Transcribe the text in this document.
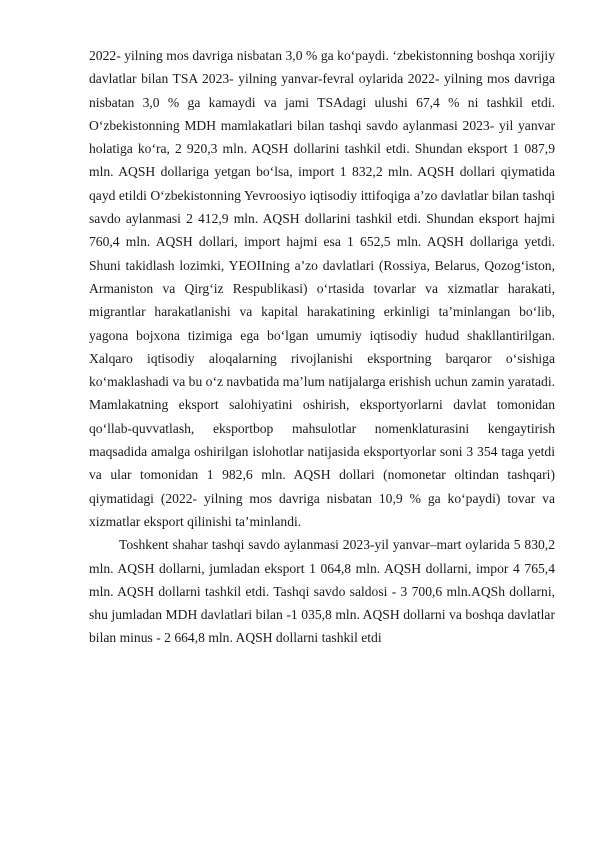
2022- yilning mos davriga nisbatan 3,0 % ga ko‘paydi. ‘zbekistonning boshqa xorijiy davlatlar bilan TSA 2023- yilning yanvar-fevral oylarida 2022- yilning mos davriga nisbatan 3,0 % ga kamaydi va jami TSAdagi ulushi 67,4 % ni tashkil etdi. O‘zbekistonning MDH mamlakatlari bilan tashqi savdo aylanmasi 2023- yil yanvar holatiga ko‘ra, 2 920,3 mln. AQSH dollarini tashkil etdi. Shundan eksport 1 087,9 mln. AQSH dollariga yetgan bo‘lsa, import 1 832,2 mln. AQSH dollari qiymatida qayd etildi O‘zbekistonning Yevroosiyo iqtisodiy ittifoqiga a’zo davlatlar bilan tashqi savdo aylanmasi 2 412,9 mln. AQSH dollarini tashkil etdi. Shundan eksport hajmi 760,4 mln. AQSH dollari, import hajmi esa 1 652,5 mln. AQSH dollariga yetdi. Shuni takidlash lozimki, YEOIIning a’zo davlatlari (Rossiya, Belarus, Qozog‘iston, Armaniston va Qirg‘iz Respublikasi) o‘rtasida tovarlar va xizmatlar harakati, migrantlar harakatlanishi va kapital harakatining erkinligi ta’minlangan bo‘lib, yagona bojxona tizimiga ega bo‘lgan umumiy iqtisodiy hudud shakllantirilgan. Xalqaro iqtisodiy aloqalarning rivojlanishi eksportning barqaror o‘sishiga ko‘maklashadi va bu o‘z navbatida ma’lum natijalarga erishish uchun zamin yaratadi. Mamlakatning eksport salohiyatini oshirish, eksportyorlarni davlat tomonidan qo‘llab-quvvatlash, eksportbop mahsulotlar nomenklaturasini kengaytirish maqsadida amalga oshirilgan islohotlar natijasida eksportyorlar soni 3 354 taga yetdi va ular tomonidan 1 982,6 mln. AQSH dollari (nomonetar oltindan tashqari) qiymatidagi (2022- yilning mos davriga nisbatan 10,9 % ga ko‘paydi) tovar va xizmatlar eksport qilinishi ta’minlandi.

Toshkent shahar tashqi savdo aylanmasi 2023-yil yanvar–mart oylarida 5 830,2 mln. AQSH dollarni, jumladan eksport 1 064,8 mln. AQSH dollarni, impor 4 765,4 mln. AQSH dollarni tashkil etdi. Tashqi savdo saldosi - 3 700,6 mln.AQSh dollarni, shu jumladan MDH davlatlari bilan -1 035,8 mln. AQSH dollarni va boshqa davlatlar bilan minus - 2 664,8 mln. AQSH dollarni tashkil etdi
